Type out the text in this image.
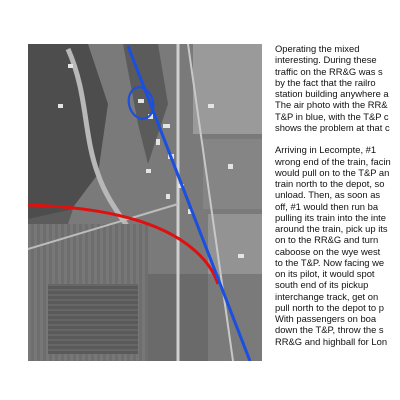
Operating the mixed
interesting. During these
traffic on the RR&G was s
by the fact that the railro
station building anywhere a
The air photo with the RR&
T&P in blue, with the T&P c
shows the problem at that c
Arriving in Lecompte, #1
wrong end of the train, facin
would pull on to the T&P an
train north to the depot, so
unload. Then, as soon as
off, #1 would then run ba
pulling its train into the inte
around the train, pick up its
on to the RR&G and turn
caboose on the wye west
to the T&P. Now facing we
on its pilot, it would spot
south end of its pickup
interchange track, get on
pull north to the depot to p
With passengers on boa
down the T&P, throw the s
RR&G and highball for Lon
